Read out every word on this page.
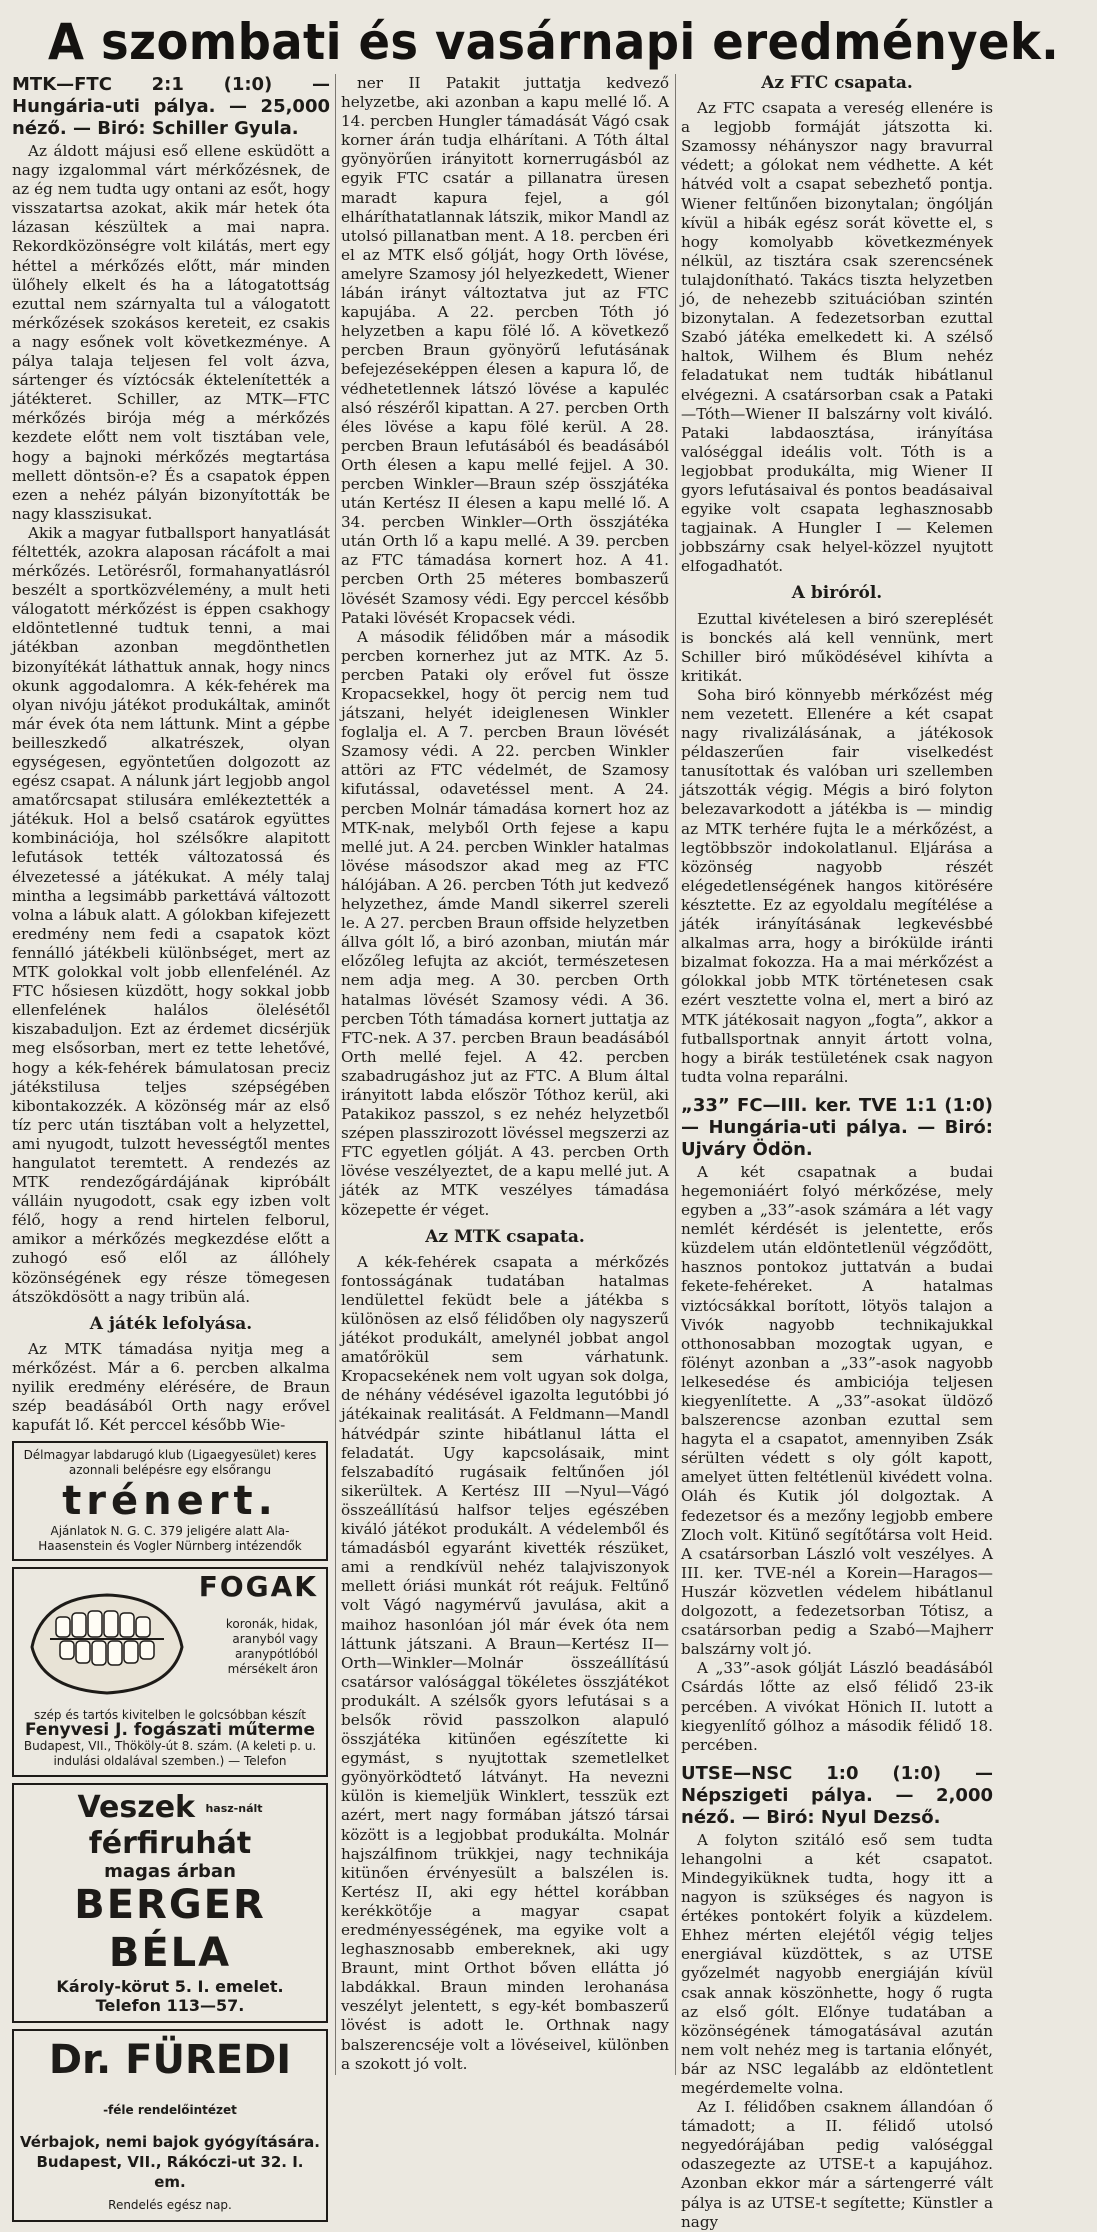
A szombati és vasárnapi eredmények.

MTK—FTC 2:1 (1:0) — Hungária-uti pálya. — 25,000 néző. — Biró: Schiller Gyula.

Az áldott májusi eső ellene esküdött a nagy izgalommal várt mérkőzésnek, de az ég nem tudta ugy ontani az esőt, hogy visszatartsa azokat, akik már hetek óta lázasan készültek a mai napra. Rekordközönségre volt kilátás, mert egy héttel a mérkőzés előtt, már minden ülőhely elkelt és ha a látogatottság ezuttal nem szárnyalta tul a válogatott mérkőzések szokásos kereteit, ez csakis a nagy esőnek volt következménye. A pálya talaja teljesen fel volt ázva, sártenger és víztócsák éktelenítették a játékteret. Schiller, az MTK—FTC mérkőzés birója még a mérkőzés kezdete előtt nem volt tisztában vele, hogy a bajnoki mérkőzés megtartása mellett döntsön-e? És a csapatok éppen ezen a nehéz pályán bizonyították be nagy klasszisukat.

Akik a magyar futballsport hanyatlását féltették, azokra alaposan rácáfolt a mai mérkőzés. Letörésről, formahanyatlásról beszélt a sportközvélemény, a mult heti válogatott mérkőzést is éppen csakhogy eldöntetlenné tudtuk tenni, a mai játékban azonban megdönthetlen bizonyítékát láthattuk annak, hogy nincs okunk aggodalomra. A kék-fehérek ma olyan nivóju játékot produkáltak, aminőt már évek óta nem láttunk. Mint a gépbe beilleszkedő alkatrészek, olyan egységesen, egyöntetűen dolgozott az egész csapat. A nálunk járt legjobb angol amatőrcsapat stilusára emlékeztették a játékuk. Hol a belső csatárok együttes kombinációja, hol szélsőkre alapitott lefutások tették változatossá és élvezetessé a játékukat. A mély talaj mintha a legsimább parkettává változott volna a lábuk alatt. A gólokban kifejezett eredmény nem fedi a csapatok közt fennálló játékbeli különbséget, mert az MTK golokkal volt jobb ellenfelénél. Az FTC hősiesen küzdött, hogy sokkal jobb ellenfelének halálos ölelésétől kiszabaduljon. Ezt az érdemet dicsérjük meg elsősorban, mert ez tette lehetővé, hogy a kék-fehérek bámulatosan preciz játékstilusa teljes szépségében kibontakozzék. A közönség már az első tíz perc után tisztában volt a helyzettel, ami nyugodt, tulzott hevességtől mentes hangulatot teremtett. A rendezés az MTK rendezőgárdájának kipróbált válláin nyugodott, csak egy izben volt félő, hogy a rend hirtelen felborul, amikor a mérkőzés megkezdése előtt a zuhogó eső elől az állóhely közönségének egy része tömegesen átszökdösött a nagy tribün alá.

A játék lefolyása.

Az MTK támadása nyitja meg a mérkőzést. Már a 6. percben alkalma nyilik eredmény elérésére, de Braun szép beadásából Orth nagy erővel kapufát lő. Két perccel később Wie-

Délmagyar labdarugó klub (Ligaegyesület) keres azonnali belépésre egy elsőrangu
trénert.
Ajánlatok N. G. C. 379 jeligére alatt Ala-Haasenstein és Vogler Nürnberg intézendők
FOGAK
koronák, hidak, aranyból vagy aranypótlóból mérsékelt áron
szép és tartós kivitelben le golcsóbban készít
Fenyvesi J. fogászati műterme
Budapest, VII., Thököly-út 8. szám. (A keleti p. u. indulási oldalával szemben.) — Telefon
Veszek hasz-nált férfiruhát
magas árban
BERGER BÉLA
Károly-körut 5. I. emelet.
Telefon 113—57.
Dr. FÜREDI -féle rendelőintézet
Vérbajok, nemi bajok gyógyítására.
Budapest, VII., Rákóczi-ut 32. I. em.
Rendelés egész nap.

ner II Patakit juttatja kedvező helyzetbe, aki azonban a kapu mellé lő. A 14. percben Hungler támadását Vágó csak korner árán tudja elhárítani. A Tóth által gyönyörűen irányitott kornerrugásból az egyik FTC csatár a pillanatra üresen maradt kapura fejel, a gól elháríthatatlannak látszik, mikor Mandl az utolsó pillanatban ment. A 18. percben éri el az MTK első gólját, hogy Orth lövése, amelyre Szamosy jól helyezkedett, Wiener lábán irányt változtatva jut az FTC kapujába. A 22. percben Tóth jó helyzetben a kapu fölé lő. A következő percben Braun gyönyörű lefutásának befejezéseképpen élesen a kapura lő, de védhetetlennek látszó lövése a kapuléc alsó részéről kipattan. A 27. percben Orth éles lövése a kapu fölé kerül. A 28. percben Braun lefutásából és beadásából Orth élesen a kapu mellé fejjel. A 30. percben Winkler—Braun szép összjátéka után Kertész II élesen a kapu mellé lő. A 34. percben Winkler—Orth összjátéka után Orth lő a kapu mellé. A 39. percben az FTC támadása kornert hoz. A 41. percben Orth 25 méteres bombaszerű lövését Szamosy védi. Egy perccel később Pataki lövését Kropacsek védi.

A második félidőben már a második percben kornerhez jut az MTK. Az 5. percben Pataki oly erővel fut össze Kropacsekkel, hogy öt percig nem tud játszani, helyét ideiglenesen Winkler foglalja el. A 7. percben Braun lövését Szamosy védi. A 22. percben Winkler attöri az FTC védelmét, de Szamosy kifutással, odavetéssel ment. A 24. percben Molnár támadása kornert hoz az MTK-nak, melyből Orth fejese a kapu mellé jut. A 24. percben Winkler hatalmas lövése másodszor akad meg az FTC hálójában. A 26. percben Tóth jut kedvező helyzethez, ámde Mandl sikerrel szereli le. A 27. percben Braun offside helyzetben állva gólt lő, a biró azonban, miután már előzőleg lefujta az akciót, természetesen nem adja meg. A 30. percben Orth hatalmas lövését Szamosy védi. A 36. percben Tóth támadása kornert juttatja az FTC-nek. A 37. percben Braun beadásából Orth mellé fejel. A 42. percben szabadrugáshoz jut az FTC. A Blum által irányitott labda először Tóthoz kerül, aki Patakikoz passzol, s ez nehéz helyzetből szépen plasszirozott lövéssel megszerzi az FTC egyetlen gólját. A 43. percben Orth lövése veszélyeztet, de a kapu mellé jut. A játék az MTK veszélyes támadása közepette ér véget.

Az MTK csapata.

A kék-fehérek csapata a mérkőzés fontosságának tudatában hatalmas lendülettel feküdt bele a játékba s különösen az első félidőben oly nagyszerű játékot produkált, amelynél jobbat angol amatőrökül sem várhatunk. Kropacsekének nem volt ugyan sok dolga, de néhány védésével igazolta legutóbbi jó játékainak realitását. A Feldmann—Mandl hátvédpár szinte hibátlanul látta el feladatát. Ugy kapcsolásaik, mint felszabadító rugásaik feltűnően jól sikerültek. A Kertész III —Nyul—Vágó összeállítású halfsor teljes egészében kiváló játékot produkált. A védelemből és támadásból egyaránt kivették részüket, ami a rendkívül nehéz talajviszonyok mellett óriási munkát rót reájuk. Feltűnő volt Vágó nagymérvű javulása, akit a maihoz hasonlóan jól már évek óta nem láttunk játszani. A Braun—Kertész II—Orth—Winkler—Molnár összeállítású csatársor valósággal tökéletes összjátékot produkált. A szélsők gyors lefutásai s a belsők rövid passzolkon alapuló összjátéka kitünően egészítette ki egymást, s nyujtottak szemetlelket gyönyörködtető látványt. Ha nevezni külön is kiemeljük Winklert, tesszük ezt azért, mert nagy formában játszó társai között is a legjobbat produkálta. Molnár hajszálfinom trükkjei, nagy technikája kitünően érvényesült a balszélen is. Kertész II, aki egy héttel korábban kerékkötője a magyar csapat eredményességének, ma egyike volt a leghasznosabb embereknek, aki ugy Braunt, mint Orthot bőven ellátta jó labdákkal. Braun minden lerohanása veszélyt jelentett, s egy-két bombaszerű lövést is adott le. Orthnak nagy balszerencséje volt a lövéseivel, különben a szokott jó volt.

Az FTC csapata.

Az FTC csapata a vereség ellenére is a legjobb formáját játszotta ki. Szamossy néhányszor nagy bravurral védett; a gólokat nem védhette. A két hátvéd volt a csapat sebezhető pontja. Wiener feltűnően bizonytalan; öngólján kívül a hibák egész sorát követte el, s hogy komolyabb következmények nélkül, az tisztára csak szerencsének tulajdonítható. Takács tiszta helyzetben jó, de nehezebb szituációban szintén bizonytalan. A fedezetsorban ezuttal Szabó játéka emelkedett ki. A szélső haltok, Wilhem és Blum nehéz feladatukat nem tudták hibátlanul elvégezni. A csatársorban csak a Pataki—Tóth—Wiener II balszárny volt kiváló. Pataki labdaosztása, irányítása valóséggal ideális volt. Tóth is a legjobbat produkálta, mig Wiener II gyors lefutásaival és pontos beadásaival egyike volt csapata leghasznosabb tagjainak. A Hungler I — Kelemen jobbszárny csak helyel-közzel nyujtott elfogadhatót.

A biróról.

Ezuttal kivételesen a biró szereplését is bonckés alá kell vennünk, mert Schiller biró működésével kihívta a kritikát.

Soha biró könnyebb mérkőzést még nem vezetett. Ellenére a két csapat nagy rivalizálásának, a játékosok példaszerűen fair viselkedést tanusítottak és valóban uri szellemben játszották végig. Mégis a biró folyton belezavarkodott a játékba is — mindig az MTK terhére fujta le a mérkőzést, a legtöbbször indokolatlanul. Eljárása a közönség nagyobb részét elégedetlenségének hangos kitörésére késztette. Ez az egyoldalu megítélése a játék irányításának legkevésbbé alkalmas arra, hogy a birókülde iránti bizalmat fokozza. Ha a mai mérkőzést a gólokkal jobb MTK történetesen csak ezért vesztette volna el, mert a biró az MTK játékosait nagyon „fogta”, akkor a futballsportnak annyit ártott volna, hogy a birák testületének csak nagyon tudta volna reparálni.

„33” FC—III. ker. TVE 1:1 (1:0) — Hungária-uti pálya. — Biró: Ujváry Ödön.

A két csapatnak a budai hegemoniáért folyó mérkőzése, mely egyben a „33”-asok számára a lét vagy nemlét kérdését is jelentette, erős küzdelem után eldöntetlenül végződött, hasznos pontokoz juttatván a budai fekete-fehéreket. A hatalmas viztócsákkal borított, lötyös talajon a Vivók nagyobb technikajukkal otthonosabban mozogtak ugyan, e fölényt azonban a „33”-asok nagyobb lelkesedése és ambiciója teljesen kiegyenlítette. A „33”-asokat üldöző balszerencse azonban ezuttal sem hagyta el a csapatot, amennyiben Zsák sérülten védett s oly gólt kapott, amelyet ütten feltétlenül kivédett volna. Oláh és Kutik jól dolgoztak. A fedezetsor és a mezőny legjobb embere Zloch volt. Kitünő segítőtársa volt Heid. A csatársorban László volt veszélyes. A III. ker. TVE-nél a Korein—Haragos—Huszár közvetlen védelem hibátlanul dolgozott, a fedezetsorban Tótisz, a csatársorban pedig a Szabó—Majherr balszárny volt jó.

A „33”-asok gólját László beadásából Csárdás lőtte az első félidő 23-ik percében. A vivókat Hönich II. lutott a kiegyenlítő gólhoz a második félidő 18. percében.

UTSE—NSC 1:0 (1:0) — Népszigeti pálya. — 2,000 néző. — Biró: Nyul Dezső.

A folyton szitáló eső sem tudta lehangolni a két csapatot. Mindegyiküknek tudta, hogy itt a nagyon is szükséges és nagyon is értékes pontokért folyik a küzdelem. Ehhez mérten elejétől végig teljes energiával küzdöttek, s az UTSE győzelmét nagyobb energiáján kívül csak annak köszönhette, hogy ő rugta az első gólt. Előnye tudatában a közönségének támogatásával azután nem volt nehéz meg is tartania előnyét, bár az NSC legalább az eldöntetlent megérdemelte volna.

Az I. félidőben csaknem állandóan ő támadott; a II. félidő utolsó negyedórájában pedig valóséggal odaszegezte az UTSE-t a kapujához. Azonban ekkor már a sártengerré vált pálya is az UTSE-t segítette; Künstler a nagy
